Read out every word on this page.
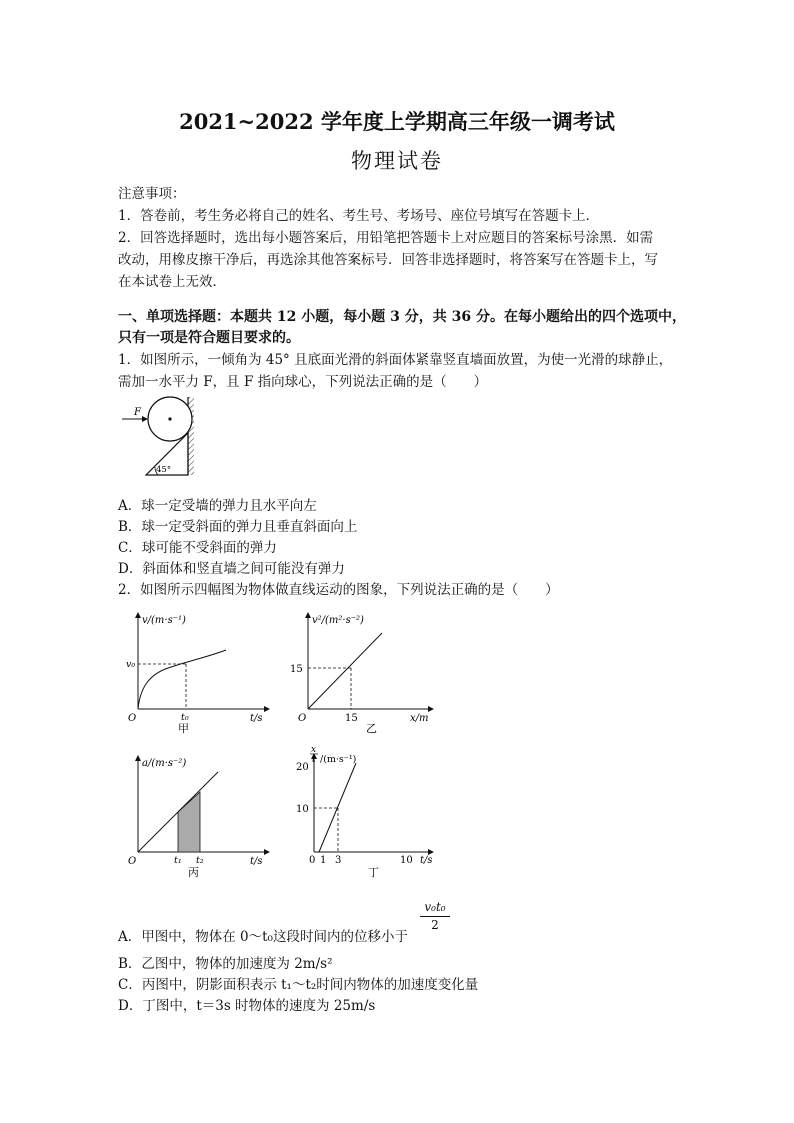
2021~2022 学年度上学期高三年级一调考试
物理试卷
注意事项：
1．答卷前，考生务必将自己的姓名、考生号、考场号、座位号填写在答题卡上．
2．回答选择题时，选出每小题答案后，用铅笔把答题卡上对应题目的答案标号涂黑．如需
改动，用橡皮擦干净后，再选涂其他答案标号．回答非选择题时，将答案写在答题卡上，写
在本试卷上无效．
一、单项选择题：本题共 12 小题，每小题 3 分，共 36 分。在每小题给出的四个选项中，
只有一项是符合题目要求的。
1．如图所示，一倾角为 45° 且底面光滑的斜面体紧靠竖直墙面放置，为使一光滑的球静止，
需加一水平力 F，且 F 指向球心，下列说法正确的是（　　）
F
45°
A．球一定受墙的弹力且水平向左
B．球一定受斜面的弹力且垂直斜面向上
C．球可能不受斜面的弹力
D．斜面体和竖直墙之间可能没有弹力
2．如图所示四幅图为物体做直线运动的图象，下列说法正确的是（　　）
v/(m·s⁻¹)
v₀
t₀	t/s
O
甲
v²/(m²·s⁻²)
15
15	x/m
O
乙
a/(m·s⁻²)
t₁ t₂	t/s
O
丙
x
t /(m·s⁻¹)
20
10
0 1 3	10 t/s
丁
A．甲图中，物体在 0～t₀这段时间内的位移小于
$\frac{\text{v₀t₀}}{2}$
B．乙图中，物体的加速度为 2m/s²
C．丙图中，阴影面积表示 t₁～t₂时间内物体的加速度变化量
D．丁图中，t＝3s 时物体的速度为 25m/s
